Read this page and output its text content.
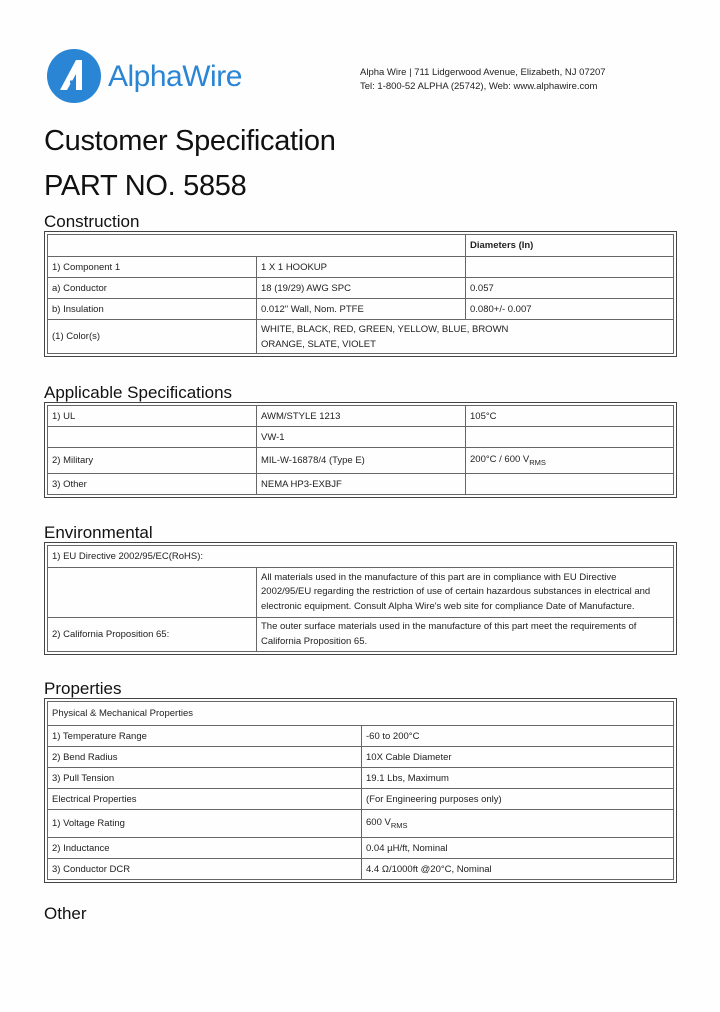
AlphaWire	Alpha Wire | 711 Lidgerwood Avenue, Elizabeth, NJ 07207
Tel: 1-800-52 ALPHA (25742), Web: www.alphawire.com
Customer Specification
PART NO. 5858
Construction
		Diameters (In)
1) Component 1	1 X 1 HOOKUP	
a) Conductor	18 (19/29) AWG SPC	0.057
b) Insulation	0.012" Wall, Nom. PTFE	0.080+/- 0.007
(1) Color(s)	WHITE, BLACK, RED, GREEN, YELLOW, BLUE, BROWN
ORANGE, SLATE, VIOLET	
Applicable Specifications
1) UL	AWM/STYLE 1213	105°C
	VW-1	
2) Military	MIL-W-16878/4 (Type E)	200°C / 600 $V_{RMS}$
3) Other	NEMA HP3-EXBJF	
Environmental
1) EU Directive 2002/95/EC(RoHS):	

	All materials used in the manufacture of this part are in compliance with EU Directive
2002/95/EU regarding the restriction of use of certain hazardous substances in electrical and
electronic equipment. Consult Alpha Wire's web site for compliance Date of Manufacture.

2) California Proposition 65:	The outer surface materials used in the manufacture of this part meet the requirements of
California Proposition 65.
Properties
Physical & Mechanical Properties	
1) Temperature Range	-60 to 200°C
2) Bend Radius	10X Cable Diameter
3) Pull Tension	19.1 Lbs, Maximum
Electrical Properties	(For Engineering purposes only)
1) Voltage Rating	600 $V_{RMS}$
2) Inductance	0.04 µH/ft, Nominal
3) Conductor DCR	4.4 Ω/1000ft @20°C, Nominal
Other
